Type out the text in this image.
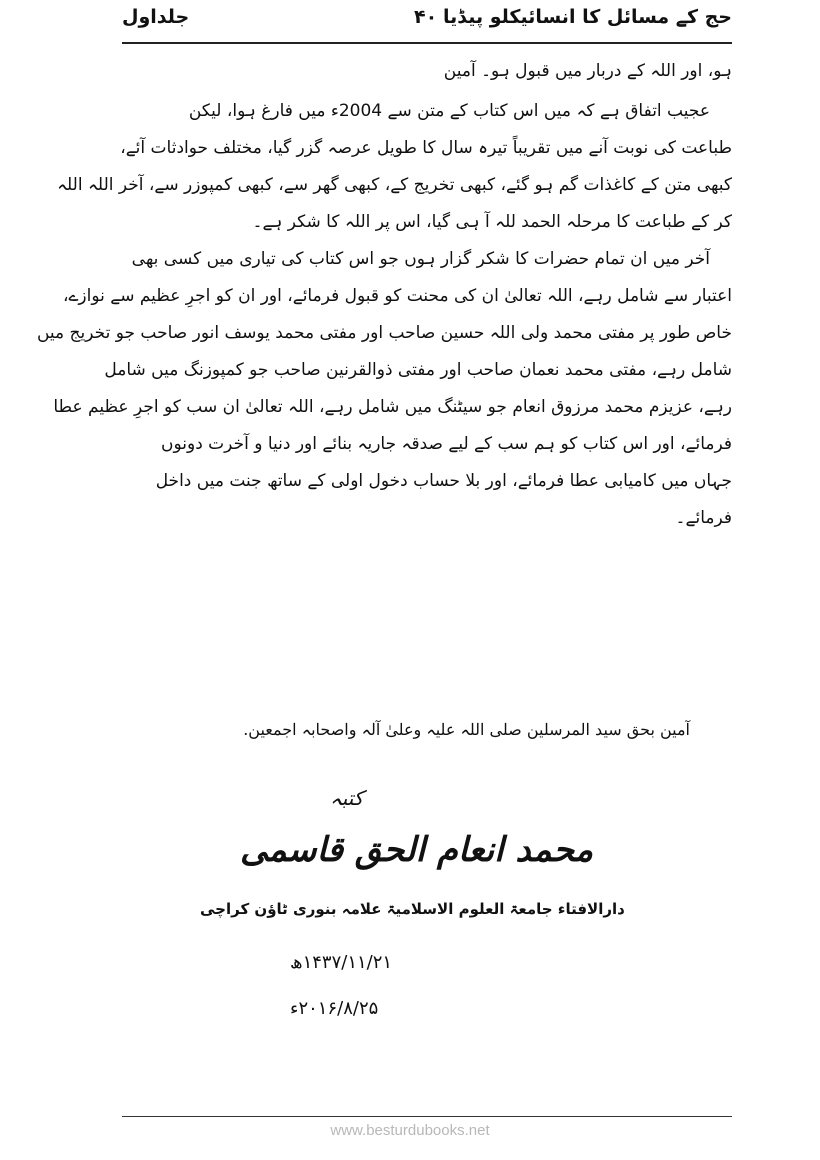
حج کے مسائل کا انسائیکلو پیڈیا
۴۰
جلداول
ہو، اور اللہ کے دربار میں قبول ہو۔ آمین
عجیب اتفاق ہے کہ میں اس کتاب کے متن سے 2004ء میں فارغ ہوا، لیکن
طباعت کی نوبت آنے میں تقریباً تیرہ سال کا طویل عرصہ گزر گیا، مختلف حوادثات آئے،
کبھی متن کے کاغذات گم ہو گئے، کبھی تخریج کے، کبھی گھر سے، کبھی کمپوزر سے، آخر اللہ اللہ
کر کے طباعت کا مرحلہ الحمد للہ آ ہی گیا، اس پر اللہ کا شکر ہے۔
آخر میں ان تمام حضرات کا شکر گزار ہوں جو اس کتاب کی تیاری میں کسی بھی
اعتبار سے شامل رہے، اللہ تعالیٰ ان کی محنت کو قبول فرمائے، اور ان کو اجرِ عظیم سے نوازے،
خاص طور پر مفتی محمد ولی اللہ حسین صاحب اور مفتی محمد یوسف انور صاحب جو تخریج میں
شامل رہے، مفتی محمد نعمان صاحب اور مفتی ذوالقرنین صاحب جو کمپوزنگ میں شامل
رہے، عزیزم محمد مرزوق انعام جو سیٹنگ میں شامل رہے، اللہ تعالیٰ ان سب کو اجرِ عظیم عطا
فرمائے، اور اس کتاب کو ہم سب کے لیے صدقہ جاریہ بنائے اور دنیا و آخرت دونوں
جہاں میں کامیابی عطا فرمائے، اور بلا حساب دخول اولی کے ساتھ جنت میں داخل
فرمائے۔
آمین بحق سید المرسلین صلی اللہ علیہ وعلیٰ آلہ واصحابہ اجمعین.
کتبہ
محمد انعام الحق قاسمی
دارالافتاء جامعۃ العلوم الاسلامیۃ علامہ بنوری ٹاؤن کراچی
۱۴۳۷/۱۱/۲۱ھ
۲۰۱۶/۸/۲۵ء
www.besturdubooks.net
